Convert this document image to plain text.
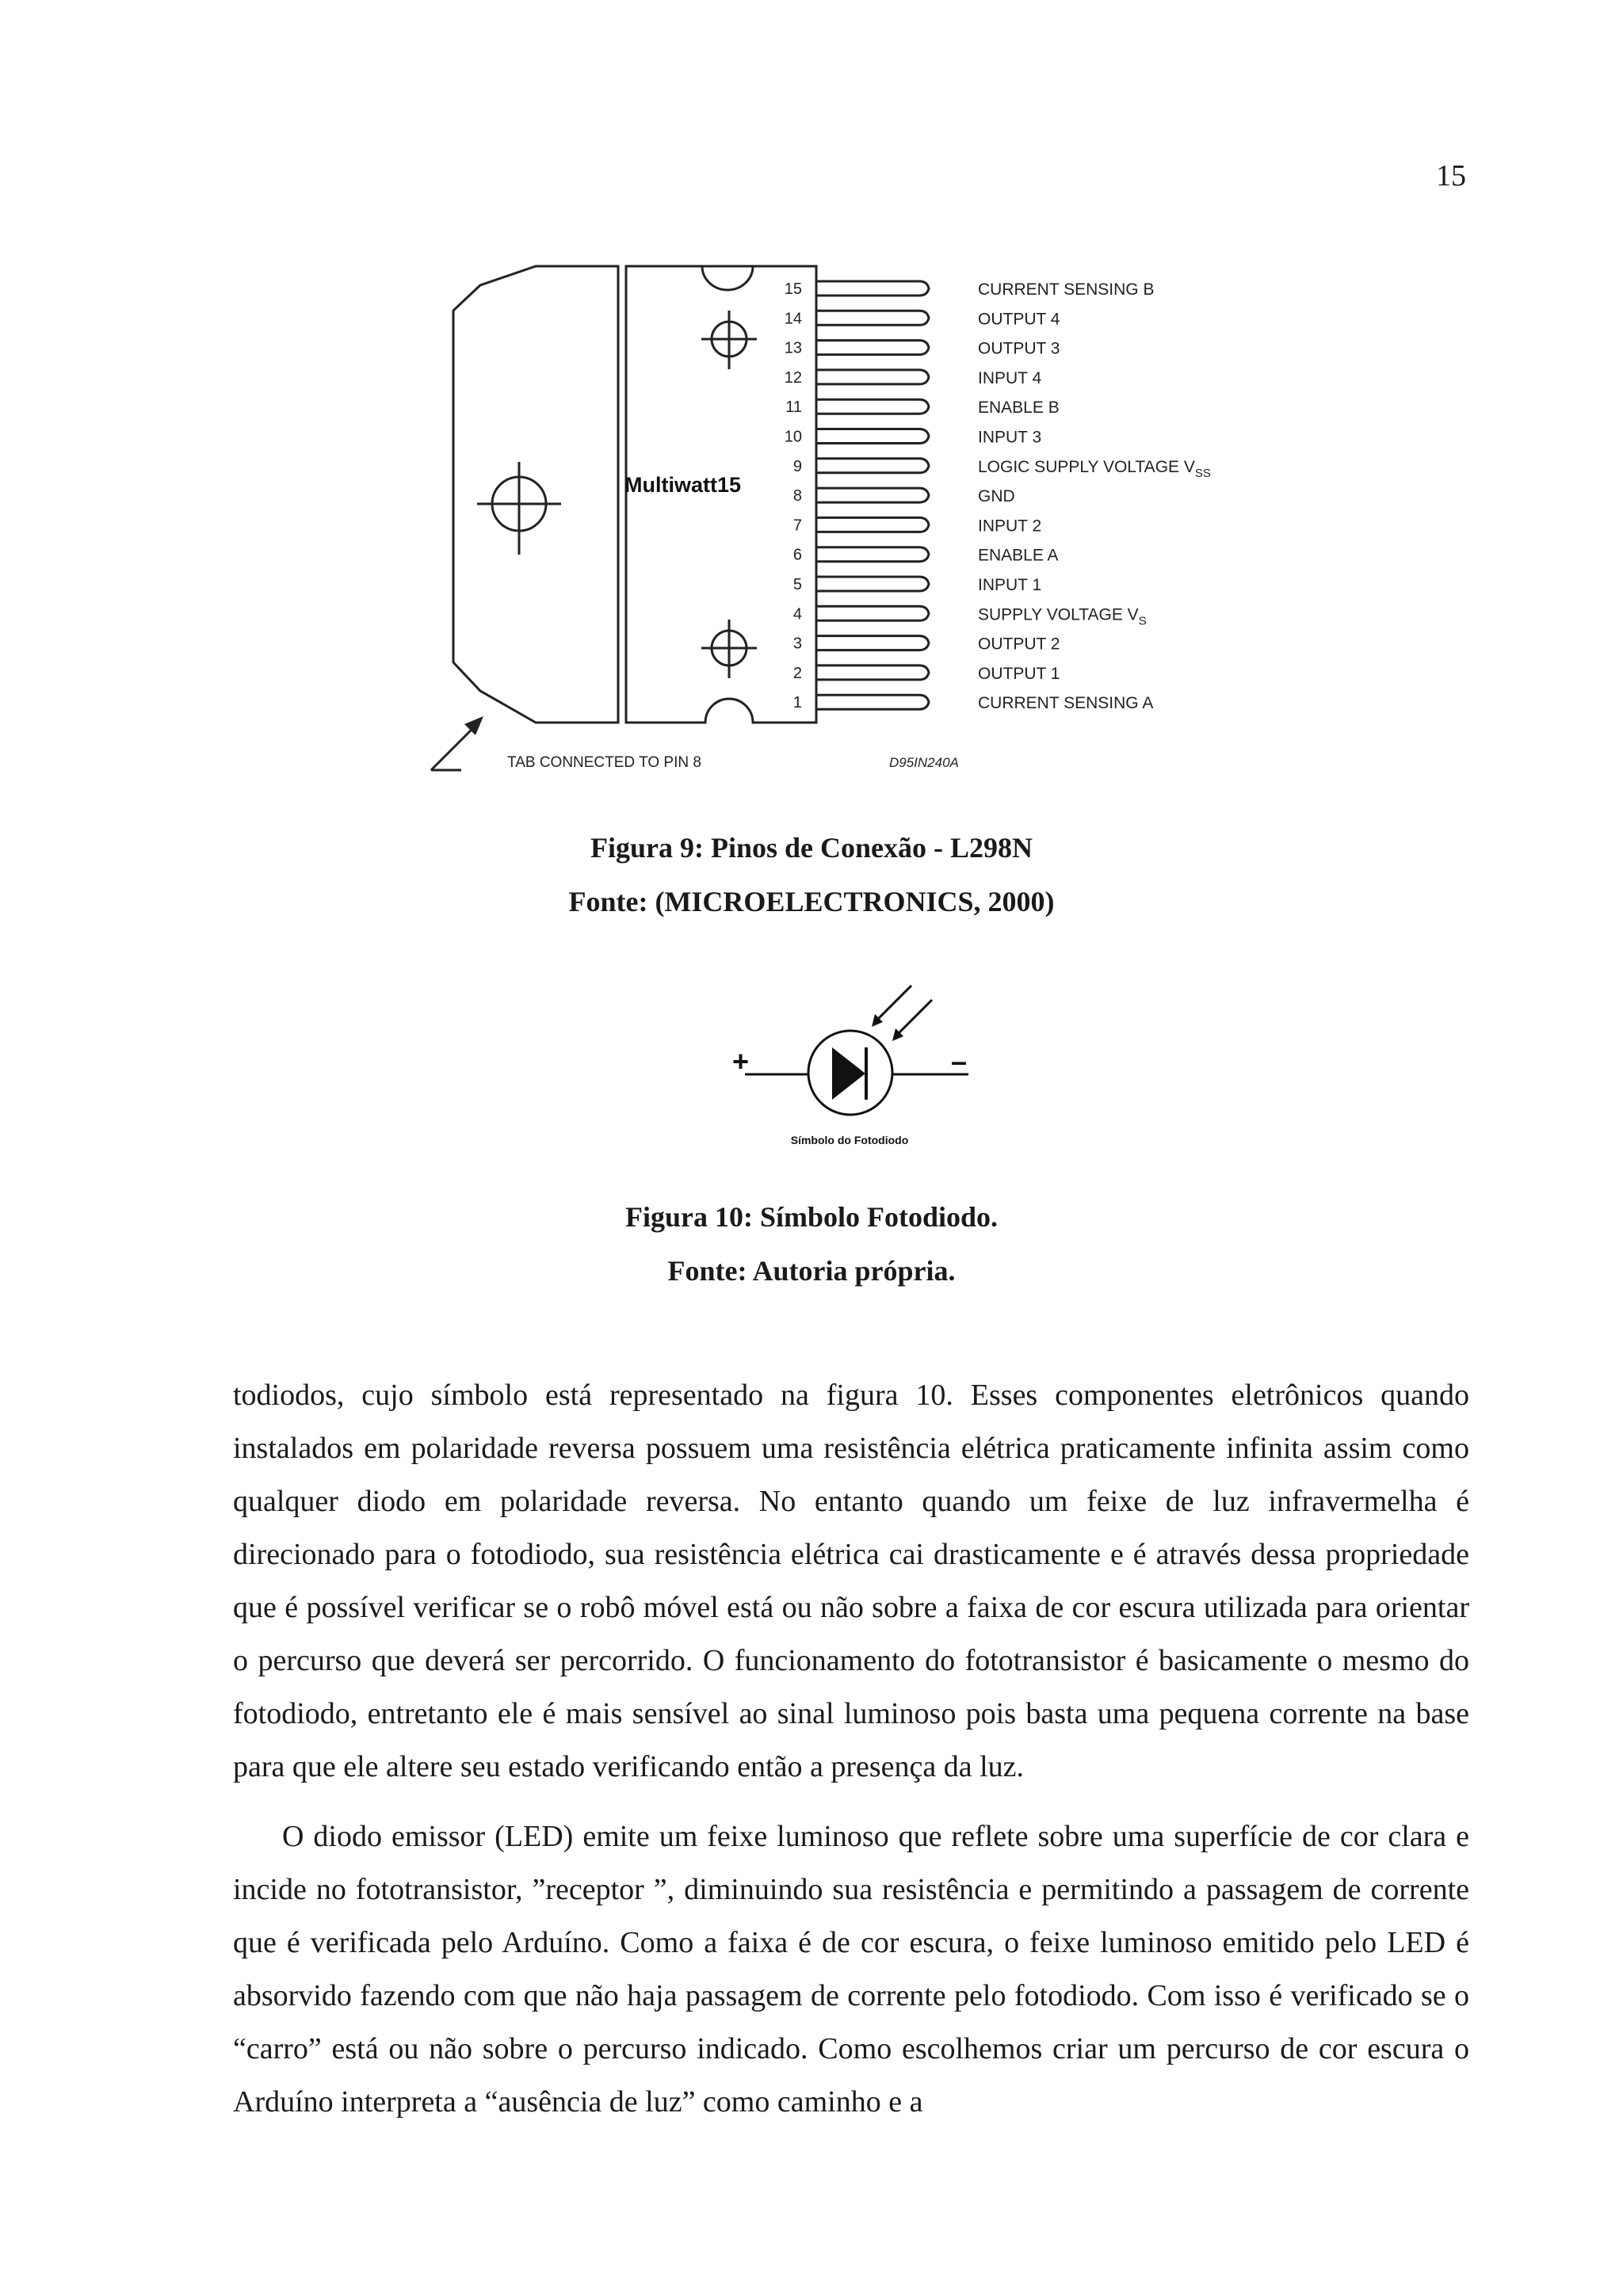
15
Multiwatt15
15	CURRENT SENSING B
14	OUTPUT 4
13	OUTPUT 3
12	INPUT 4
11	ENABLE B
10	INPUT 3
9	LOGIC SUPPLY VOLTAGE $V_{SS}$
8	GND
7	INPUT 2
6	ENABLE A
5	INPUT 1
4	SUPPLY VOLTAGE $V_S$
3	OUTPUT 2
2	OUTPUT 1
1	CURRENT SENSING A
TAB CONNECTED TO PIN 8	D95IN240A

Figura 9: Pinos de Conexão - L298N

Fonte: (MICROELECTRONICS, 2000)

+	–
Símbolo do Fotodiodo

Figura 10: Símbolo Fotodiodo.

Fonte: Autoria própria.

todiodos, cujo símbolo está representado na figura 10. Esses componentes eletrônicos quando instalados em polaridade reversa possuem uma resistência elétrica praticamente infinita assim como qualquer diodo em polaridade reversa. No entanto quando um feixe de luz infravermelha é direcionado para o fotodiodo, sua resistência elétrica cai drasticamente e é através dessa propriedade que é possível verificar se o robô móvel está ou não sobre a faixa de cor escura utilizada para orientar o percurso que deverá ser percorrido. O funcionamento do fototransistor é basicamente o mesmo do fotodiodo, entretanto ele é mais sensível ao sinal luminoso pois basta uma pequena corrente na base para que ele altere seu estado verificando então a presença da luz.

O diodo emissor (LED) emite um feixe luminoso que reflete sobre uma superfície de cor clara e incide no fototransistor, ”receptor ”, diminuindo sua resistência e permitindo a passagem de corrente que é verificada pelo Arduíno. Como a faixa é de cor escura, o feixe luminoso emitido pelo LED é absorvido fazendo com que não haja passagem de corrente pelo fotodiodo. Com isso é verificado se o “carro” está ou não sobre o percurso indicado. Como escolhemos criar um percurso de cor escura o Arduíno interpreta a “ausência de luz” como caminho e a
